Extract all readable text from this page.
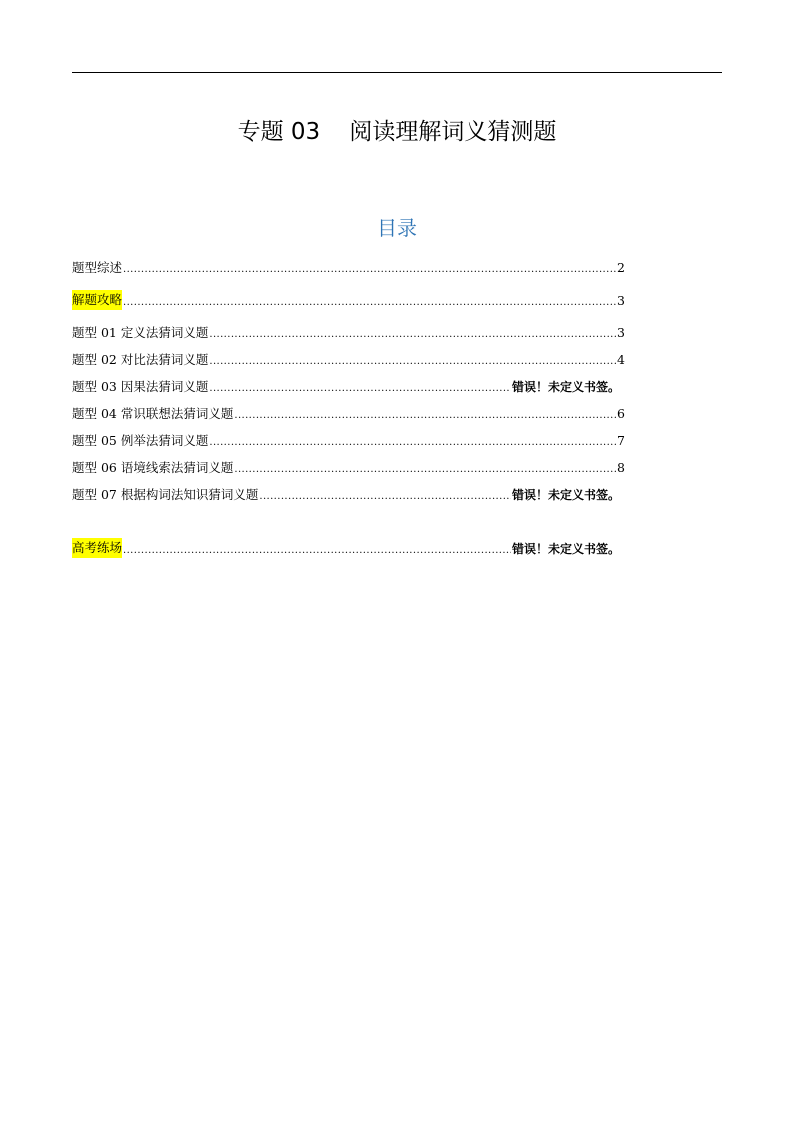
专题 03    阅读理解词义猜测题
目录
题型综述 .....	2
解题攻略 .....	3
题型 01 定义法猜词义题 .....	3
题型 02 对比法猜词义题 .....	4
题型 03 因果法猜词义题 .....	错误！未定义书签。
题型 04 常识联想法猜词义题 .....	6
题型 05 例举法猜词义题 .....	7
题型 06 语境线索法猜词义题 .....	8
题型 07 根据构词法知识猜词义题 .....	错误！未定义书签。
高考练场 .....	错误！未定义书签。
